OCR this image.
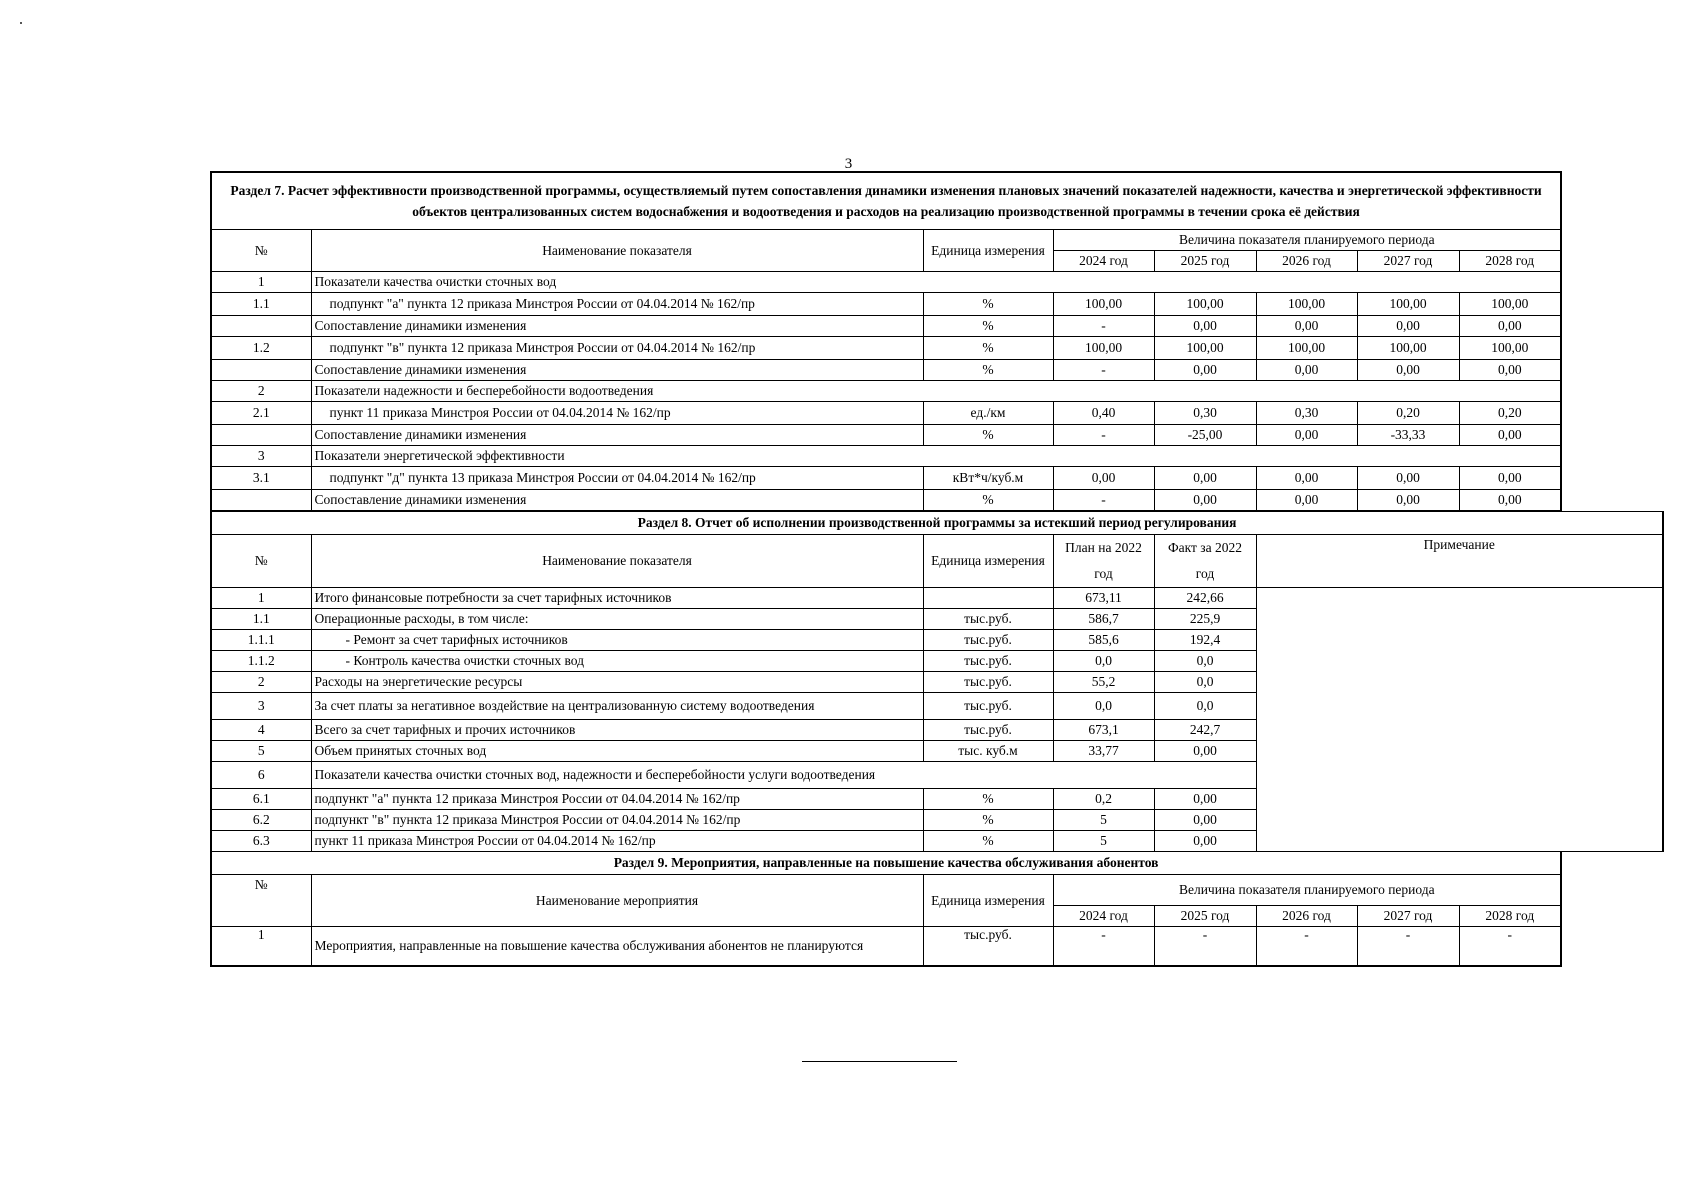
3
Раздел 7. Расчет эффективности производственной программы, осуществляемый путем сопоставления динамики изменения плановых значений показателей надежности, качества и энергетической эффективности объектов централизованных систем водоснабжения и водоотведения и расходов на реализацию производственной программы в течении срока её действия							
№	Наименование показателя	Единица измерения	Величина показателя планируемого периода				
			2024 год	2025 год	2026 год	2027 год	2028 год
1	Показатели качества очистки сточных вод						
1.1	подпункт "а" пункта 12 приказа Минстроя России от 04.04.2014 № 162/пр	%	100,00	100,00	100,00	100,00	100,00
	Сопоставление динамики изменения	%	-	0,00	0,00	0,00	0,00
1.2	подпункт "в" пункта 12 приказа Минстроя России от 04.04.2014 № 162/пр	%	100,00	100,00	100,00	100,00	100,00
	Сопоставление динамики изменения	%	-	0,00	0,00	0,00	0,00
2	Показатели надежности и бесперебойности водоотведения						
2.1	пункт 11 приказа Минстроя России от 04.04.2014 № 162/пр	ед./км	0,40	0,30	0,30	0,20	0,20
	Сопоставление динамики изменения	%	-	-25,00	0,00	-33,33	0,00
3	Показатели энергетической эффективности						
3.1	подпункт "д" пункта 13 приказа Минстроя России от 04.04.2014 № 162/пр	кВт*ч/куб.м	0,00	0,00	0,00	0,00	0,00
	Сопоставление динамики изменения	%	-	0,00	0,00	0,00	0,00
Раздел 8. Отчет об исполнении производственной программы за истекший период регулирования					
№	Наименование показателя	Единица измерения	План на 2022 год	Факт за 2022 год	Примечание
1	Итого финансовые потребности за счет тарифных источников		673,11	242,66	
1.1	Операционные расходы, в том числе:	тыс.руб.	586,7	225,9	
1.1.1	- Ремонт за счет тарифных источников	тыс.руб.	585,6	192,4	
1.1.2	- Контроль качества очистки сточных вод	тыс.руб.	0,0	0,0	
2	Расходы на энергетические ресурсы	тыс.руб.	55,2	0,0	
3	За счет платы за негативное воздействие на централизованную систему водоотведения	тыс.руб.	0,0	0,0	
4	Всего за счет тарифных и прочих источников	тыс.руб.	673,1	242,7	
5	Объем принятых сточных вод	тыс. куб.м	33,77	0,00	
6	Показатели качества очистки сточных вод, надежности и бесперебойности услуги водоотведения				
6.1	подпункт "а" пункта 12 приказа Минстроя России от 04.04.2014 № 162/пр	%	0,2	0,00	
6.2	подпункт "в" пункта 12 приказа Минстроя России от 04.04.2014 № 162/пр	%	5	0,00	
6.3	пункт 11 приказа Минстроя России от 04.04.2014 № 162/пр	%	5	0,00	
Раздел 9. Мероприятия, направленные на повышение качества обслуживания абонентов							
№	Наименование мероприятия	Единица измерения	Величина показателя планируемого периода				
			2024 год	2025 год	2026 год	2027 год	2028 год
1	Мероприятия, направленные на повышение качества обслуживания абонентов не планируются	тыс.руб.	-	-	-	-	-
